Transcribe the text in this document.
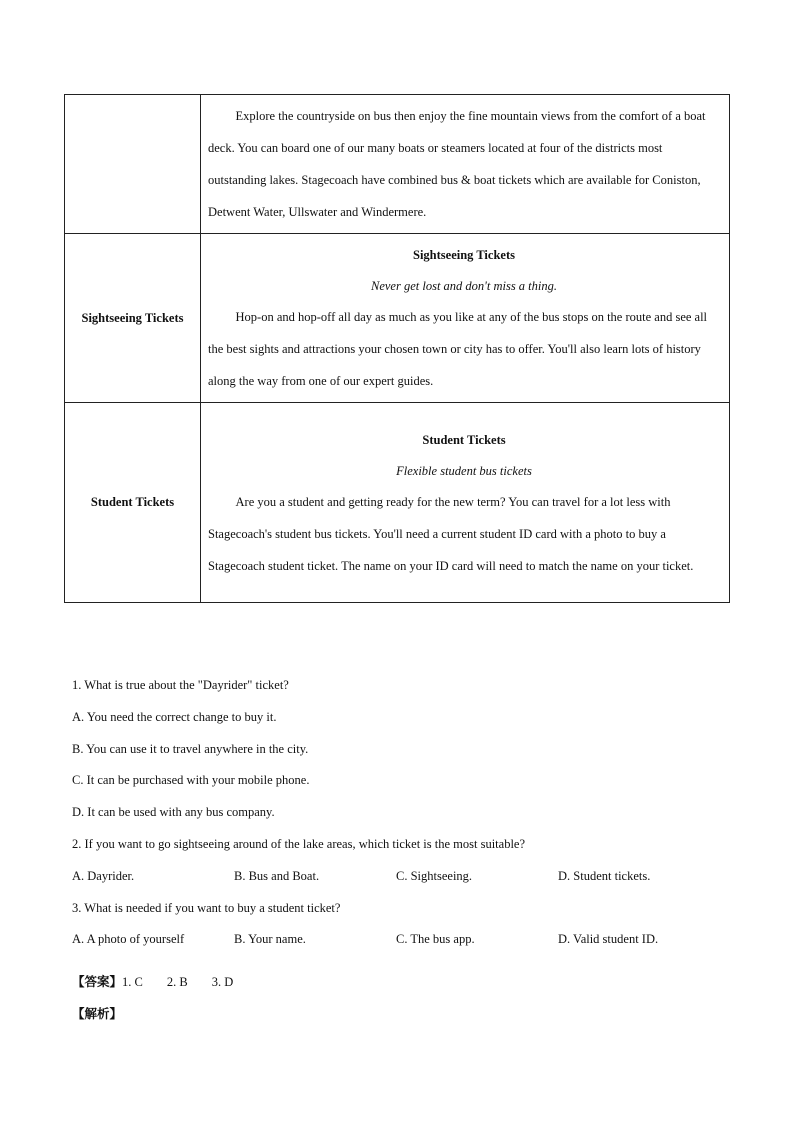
	Explore the countryside on bus then enjoy the fine mountain views from the comfort of a boat deck. You can board one of our many boats or steamers located at four of the districts most outstanding lakes. Stagecoach have combined bus & boat tickets which are available for Coniston, Detwent Water, Ullswater and Windermere.

Sightseeing Tickets	Sightseeing Tickets
Never get lost and don't miss a thing.

Hop-on and hop-off all day as much as you like at any of the bus stops on the route and see all the best sights and attractions your chosen town or city has to offer. You'll also learn lots of history along the way from one of our expert guides.

Student Tickets	Student Tickets
Flexible student bus tickets

Are you a student and getting ready for the new term? You can travel for a lot less with Stagecoach's student bus tickets. You'll need a current student ID card with a photo to buy a Stagecoach student ticket. The name on your ID card will need to match the name on your ticket.

1. What is true about the "Dayrider" ticket?
A. You need the correct change to buy it.
B. You can use it to travel anywhere in the city.
C. It can be purchased with your mobile phone.
D. It can be used with any bus company.
2. If you want to go sightseeing around of the lake areas, which ticket is the most suitable?
A. Dayrider.	B. Bus and Boat.	C. Sightseeing.	D. Student tickets.
3. What is needed if you want to buy a student ticket?
A. A photo of yourself	B. Your name.	C. The bus app.	D. Valid student ID.
【答案】1. C 2. B 3. D
【解析】
